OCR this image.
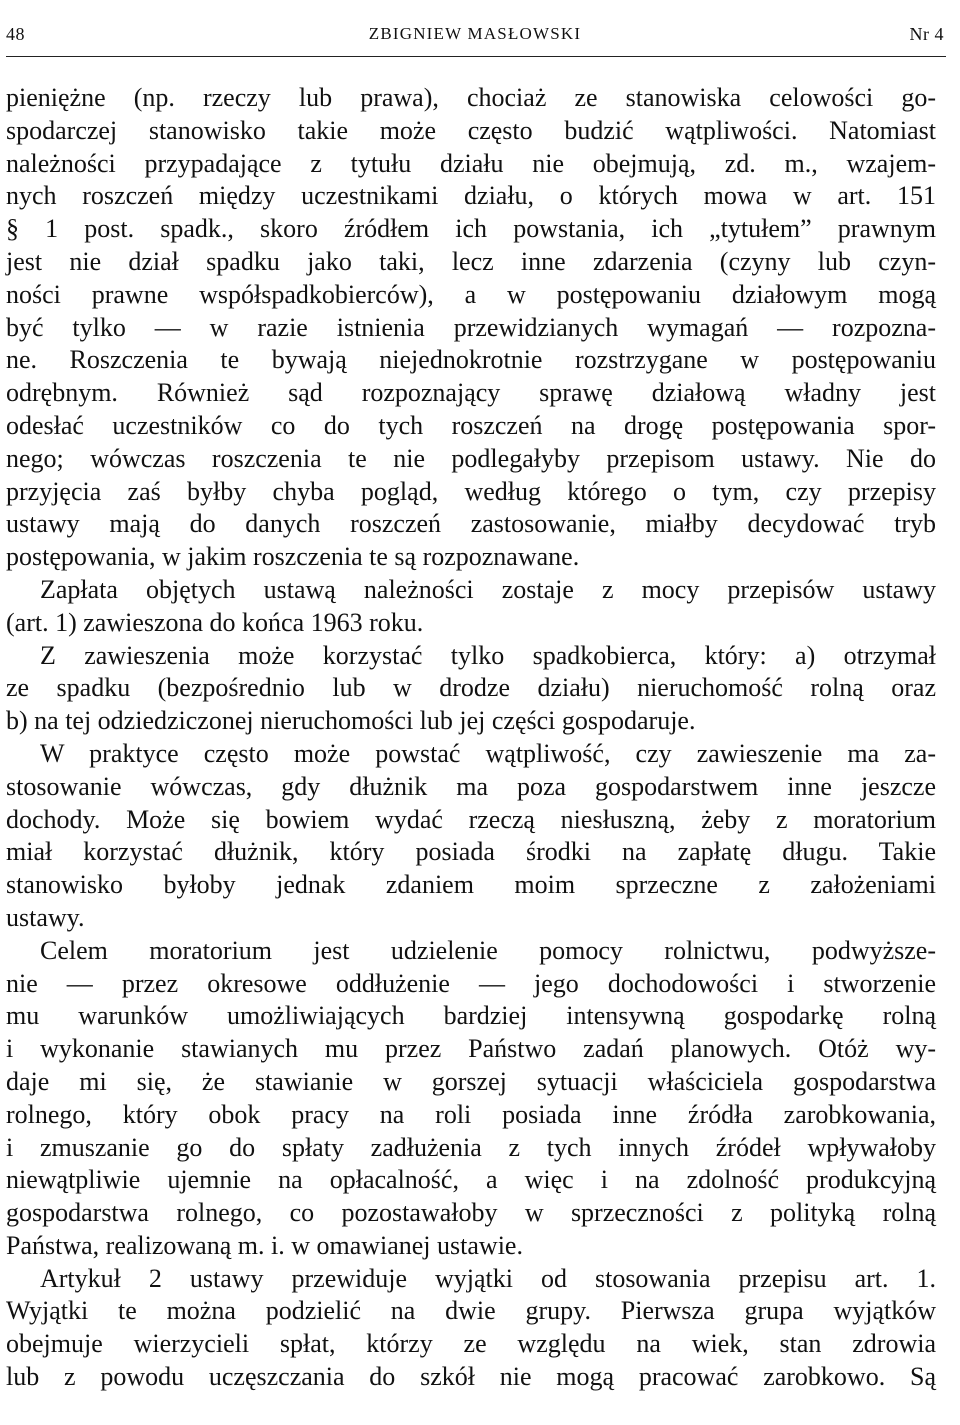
48	ZBIGNIEW MASŁOWSKI	Nr 4
pieniężne (np. rzeczy lub prawa), chociaż ze stanowiska celowości go-
spodarczej stanowisko takie może często budzić wątpliwości. Natomiast
należności przypadające z tytułu działu nie obejmują, zd. m., wzajem-
nych roszczeń między uczestnikami działu, o których mowa w art. 151
§ 1 post. spadk., skoro źródłem ich powstania, ich „tytułem” prawnym
jest nie dział spadku jako taki, lecz inne zdarzenia (czyny lub czyn-
ności prawne współspadkobierców), a w postępowaniu działowym mogą
być tylko — w razie istnienia przewidzianych wymagań — rozpozna-
ne. Roszczenia te bywają niejednokrotnie rozstrzygane w postępowaniu
odrębnym. Również sąd rozpoznający sprawę działową władny jest
odesłać uczestników co do tych roszczeń na drogę postępowania spor-
nego; wówczas roszczenia te nie podlegałyby przepisom ustawy. Nie do
przyjęcia zaś byłby chyba pogląd, według którego o tym, czy przepisy
ustawy mają do danych roszczeń zastosowanie, miałby decydować tryb
postępowania, w jakim roszczenia te są rozpoznawane.
Zapłata objętych ustawą należności zostaje z mocy przepisów ustawy
(art. 1) zawieszona do końca 1963 roku.
Z zawieszenia może korzystać tylko spadkobierca, który: a) otrzymał
ze spadku (bezpośrednio lub w drodze działu) nieruchomość rolną oraz
b) na tej odziedziczonej nieruchomości lub jej części gospodaruje.
W praktyce często może powstać wątpliwość, czy zawieszenie ma za-
stosowanie wówczas, gdy dłużnik ma poza gospodarstwem inne jeszcze
dochody. Może się bowiem wydać rzeczą niesłuszną, żeby z moratorium
miał korzystać dłużnik, który posiada środki na zapłatę długu. Takie
stanowisko byłoby jednak zdaniem moim sprzeczne z założeniami
ustawy.
Celem moratorium jest udzielenie pomocy rolnictwu, podwyższe-
nie — przez okresowe oddłużenie — jego dochodowości i stworzenie
mu warunków umożliwiających bardziej intensywną gospodarkę rolną
i wykonanie stawianych mu przez Państwo zadań planowych. Otóż wy-
daje mi się, że stawianie w gorszej sytuacji właściciela gospodarstwa
rolnego, który obok pracy na roli posiada inne źródła zarobkowania,
i zmuszanie go do spłaty zadłużenia z tych innych źródeł wpływałoby
niewątpliwie ujemnie na opłacalność, a więc i na zdolność produkcyjną
gospodarstwa rolnego, co pozostawałoby w sprzeczności z polityką rolną
Państwa, realizowaną m. i. w omawianej ustawie.
Artykuł 2 ustawy przewiduje wyjątki od stosowania przepisu art. 1.
Wyjątki te można podzielić na dwie grupy. Pierwsza grupa wyjątków
obejmuje wierzycieli spłat, którzy ze względu na wiek, stan zdrowia
lub z powodu uczęszczania do szkół nie mogą pracować zarobkowo. Są
